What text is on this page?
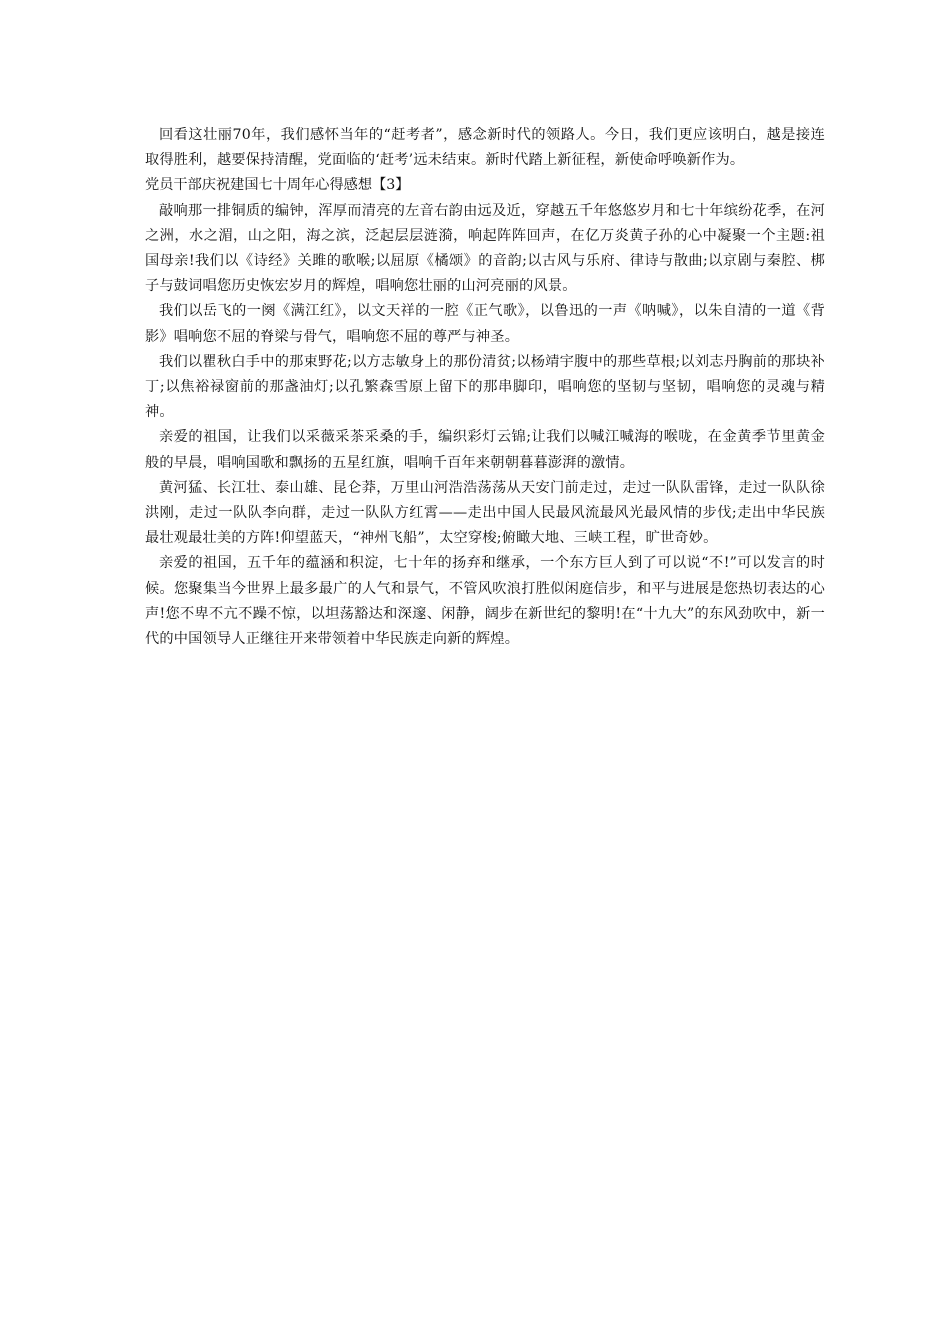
回看这壮丽70年，我们感怀当年的“赶考者”，感念新时代的领路人。今日，我们更应该明白，越是接连取得胜利，越要保持清醒，党面临的‘赶考’远未结束。新时代踏上新征程，新使命呼唤新作为。

党员干部庆祝建国七十周年心得感想【3】

敲响那一排铜质的编钟，浑厚而清亮的左音右韵由远及近，穿越五千年悠悠岁月和七十年缤纷花季，在河之洲，水之湄，山之阳，海之滨，泛起层层涟漪，响起阵阵回声，在亿万炎黄子孙的心中凝聚一个主题:祖国母亲!我们以《诗经》关雎的歌喉;以屈原《橘颂》的音韵;以古风与乐府、律诗与散曲;以京剧与秦腔、梆子与鼓词唱您历史恢宏岁月的辉煌，唱响您壮丽的山河亮丽的风景。

我们以岳飞的一阕《满江红》，以文天祥的一腔《正气歌》，以鲁迅的一声《呐喊》，以朱自清的一道《背影》唱响您不屈的脊梁与骨气，唱响您不屈的尊严与神圣。

我们以瞿秋白手中的那束野花;以方志敏身上的那份清贫;以杨靖宇腹中的那些草根;以刘志丹胸前的那块补丁;以焦裕禄窗前的那盏油灯;以孔繁森雪原上留下的那串脚印，唱响您的坚韧与坚韧，唱响您的灵魂与精神。

亲爱的祖国，让我们以采薇采茶采桑的手，编织彩灯云锦;让我们以喊江喊海的喉咙，在金黄季节里黄金般的早晨，唱响国歌和飘扬的五星红旗，唱响千百年来朝朝暮暮澎湃的激情。

黄河猛、长江壮、泰山雄、昆仑莽，万里山河浩浩荡荡从天安门前走过，走过一队队雷锋，走过一队队徐洪刚，走过一队队李向群，走过一队队方红霄——走出中国人民最风流最风光最风情的步伐;走出中华民族最壮观最壮美的方阵!仰望蓝天，“神州飞船”，太空穿梭;俯瞰大地、三峡工程，旷世奇妙。

亲爱的祖国，五千年的蕴涵和积淀，七十年的扬弃和继承，一个东方巨人到了可以说“不!”可以发言的时候。您聚集当今世界上最多最广的人气和景气，不管风吹浪打胜似闲庭信步，和平与进展是您热切表达的心声!您不卑不亢不躁不惊，以坦荡豁达和深邃、闲静，阔步在新世纪的黎明!在“十九大”的东风劲吹中，新一代的中国领导人正继往开来带领着中华民族走向新的辉煌。
